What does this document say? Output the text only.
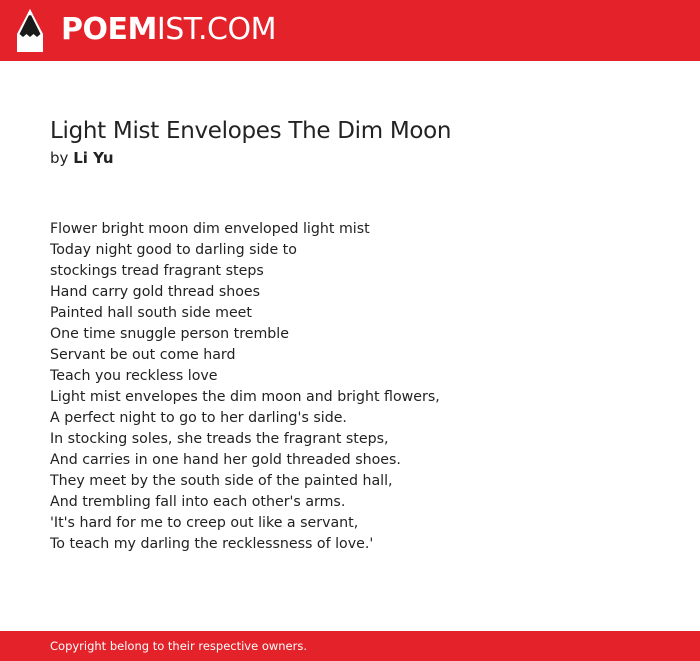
POEMIST.COM
Light Mist Envelopes The Dim Moon

by Li Yu

Flower bright moon dim enveloped light mist
Today night good to darling side to
stockings tread fragrant steps
Hand carry gold thread shoes
Painted hall south side meet
One time snuggle person tremble
Servant be out come hard
Teach you reckless love
Light mist envelopes the dim moon and bright flowers,
A perfect night to go to her darling's side.
In stocking soles, she treads the fragrant steps,
And carries in one hand her gold threaded shoes.
They meet by the south side of the painted hall,
And trembling fall into each other's arms.
'It's hard for me to creep out like a servant,
To teach my darling the recklessness of love.'
Copyright belong to their respective owners.
